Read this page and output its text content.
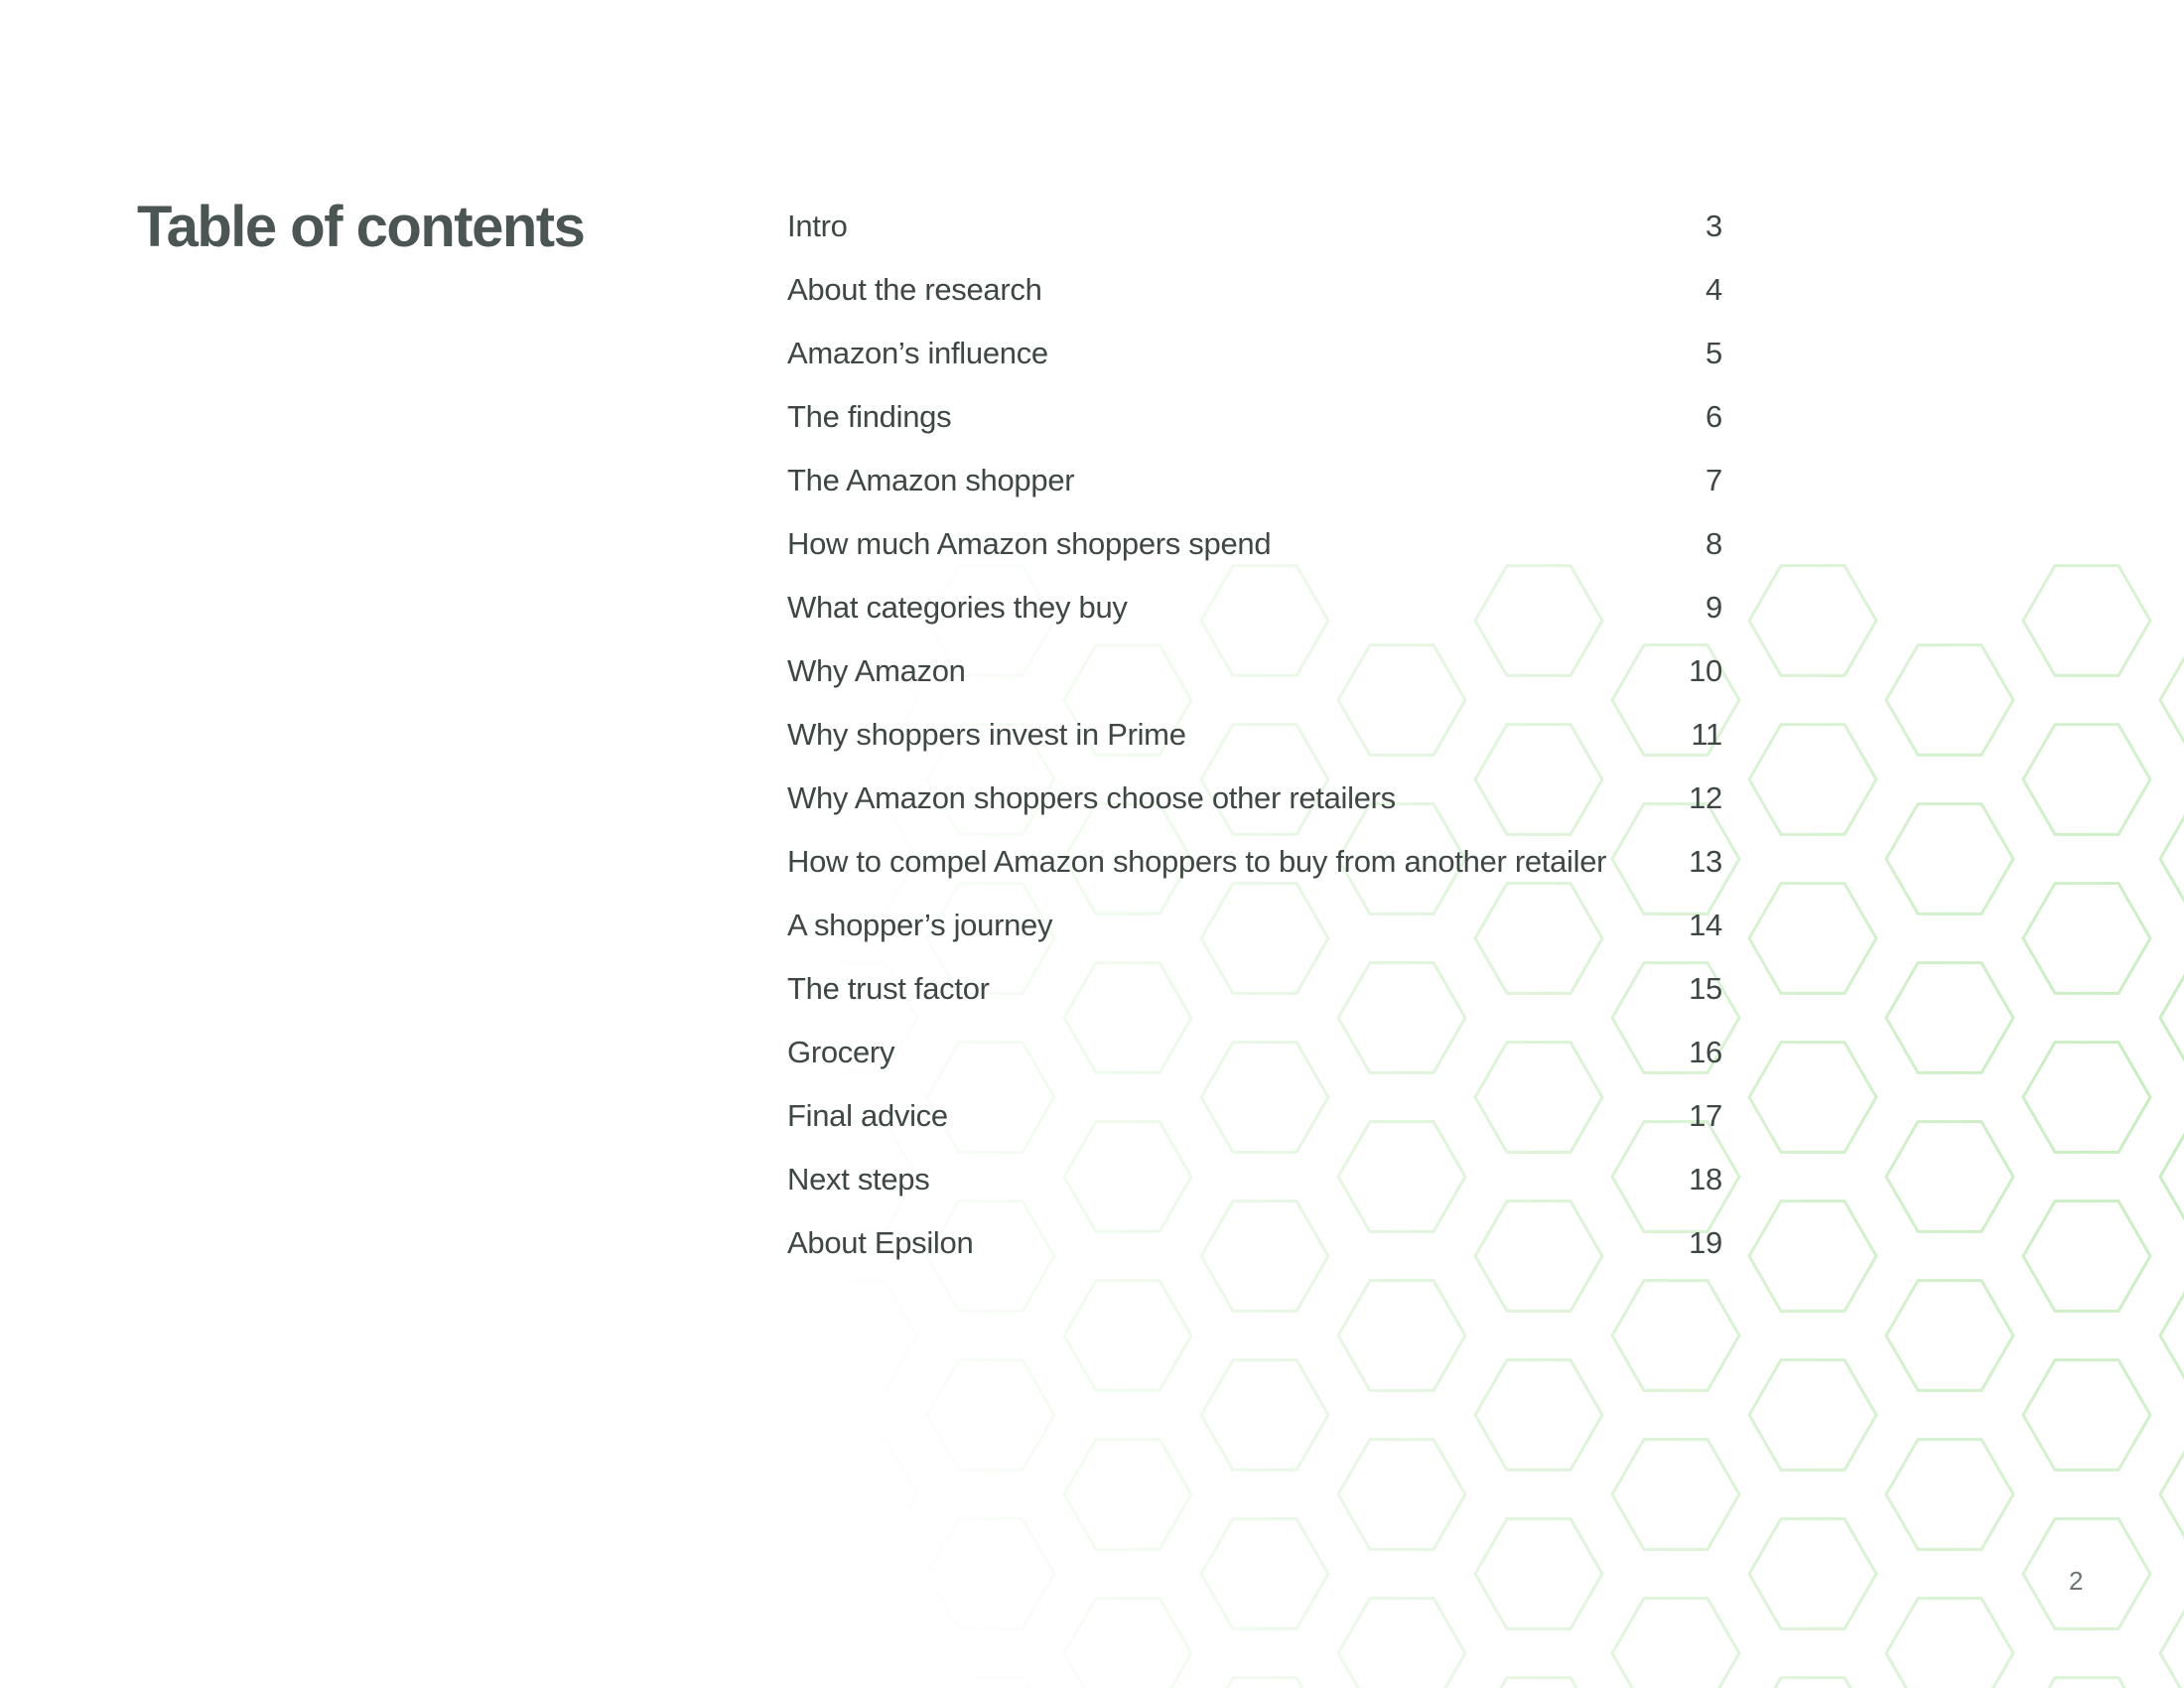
Table of contents	Intro	3
About the research	4
Amazon’s influence	5
The findings	6
The Amazon shopper	7
How much Amazon shoppers spend	8
What categories they buy	9
Why Amazon	10
Why shoppers invest in Prime	11
Why Amazon shoppers choose other retailers	12
How to compel Amazon shoppers to buy from another retailer	13
A shopper’s journey	14
The trust factor	15
Grocery	16
Final advice	17
Next steps	18
About Epsilon	19
2
